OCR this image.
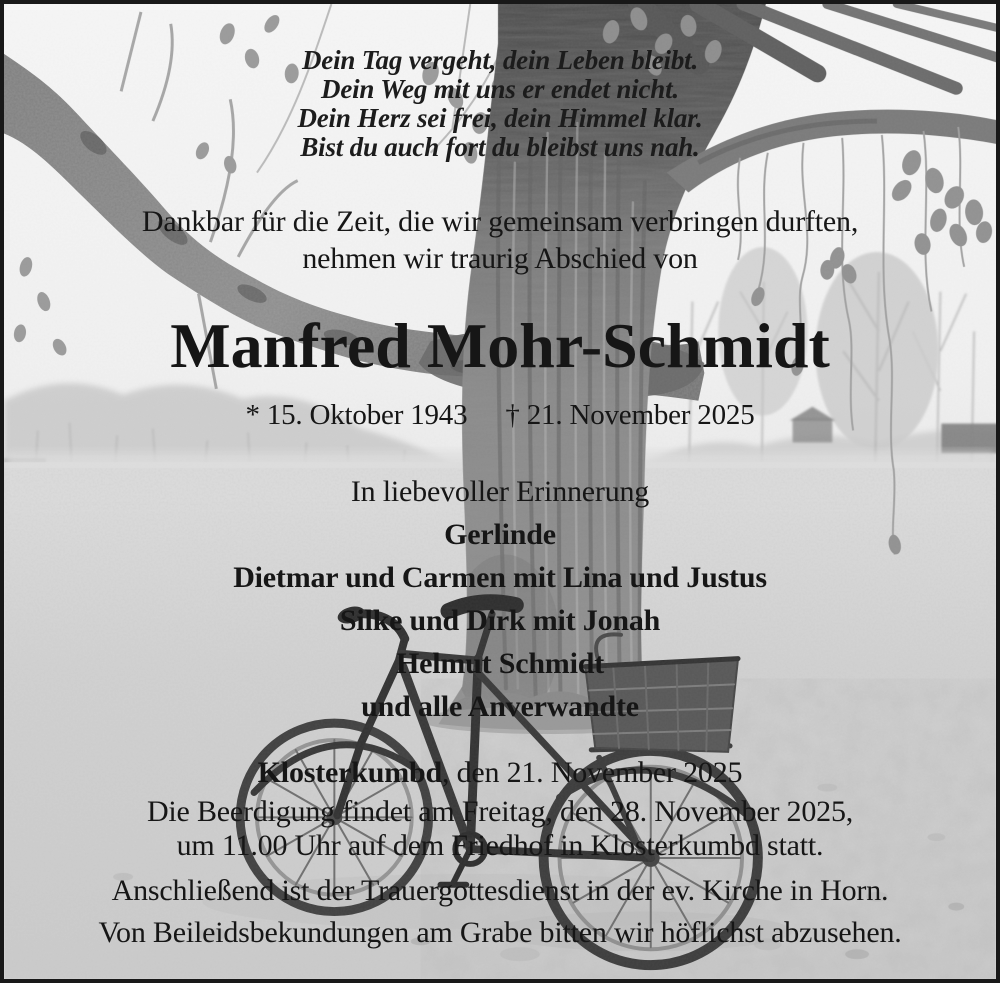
Dein Tag vergeht, dein Leben bleibt.
Dein Weg mit uns er endet nicht.
Dein Herz sei frei, dein Himmel klar.
Bist du auch fort du bleibst uns nah.
Dankbar für die Zeit, die wir gemeinsam verbringen durften,
nehmen wir traurig Abschied von
Manfred Mohr-Schmidt
* 15. Oktober 1943 † 21. November 2025
In liebevoller Erinnerung
Gerlinde
Dietmar und Carmen mit Lina und Justus
Silke und Dirk mit Jonah
Helmut Schmidt
und alle Anverwandte
Klosterkumbd, den 21. November 2025
Die Beerdigung findet am Freitag, den 28. November 2025,
um 11.00 Uhr auf dem Friedhof in Klosterkumbd statt.
Anschließend ist der Trauergottesdienst in der ev. Kirche in Horn.
Von Beileidsbekundungen am Grabe bitten wir höflichst abzusehen.
